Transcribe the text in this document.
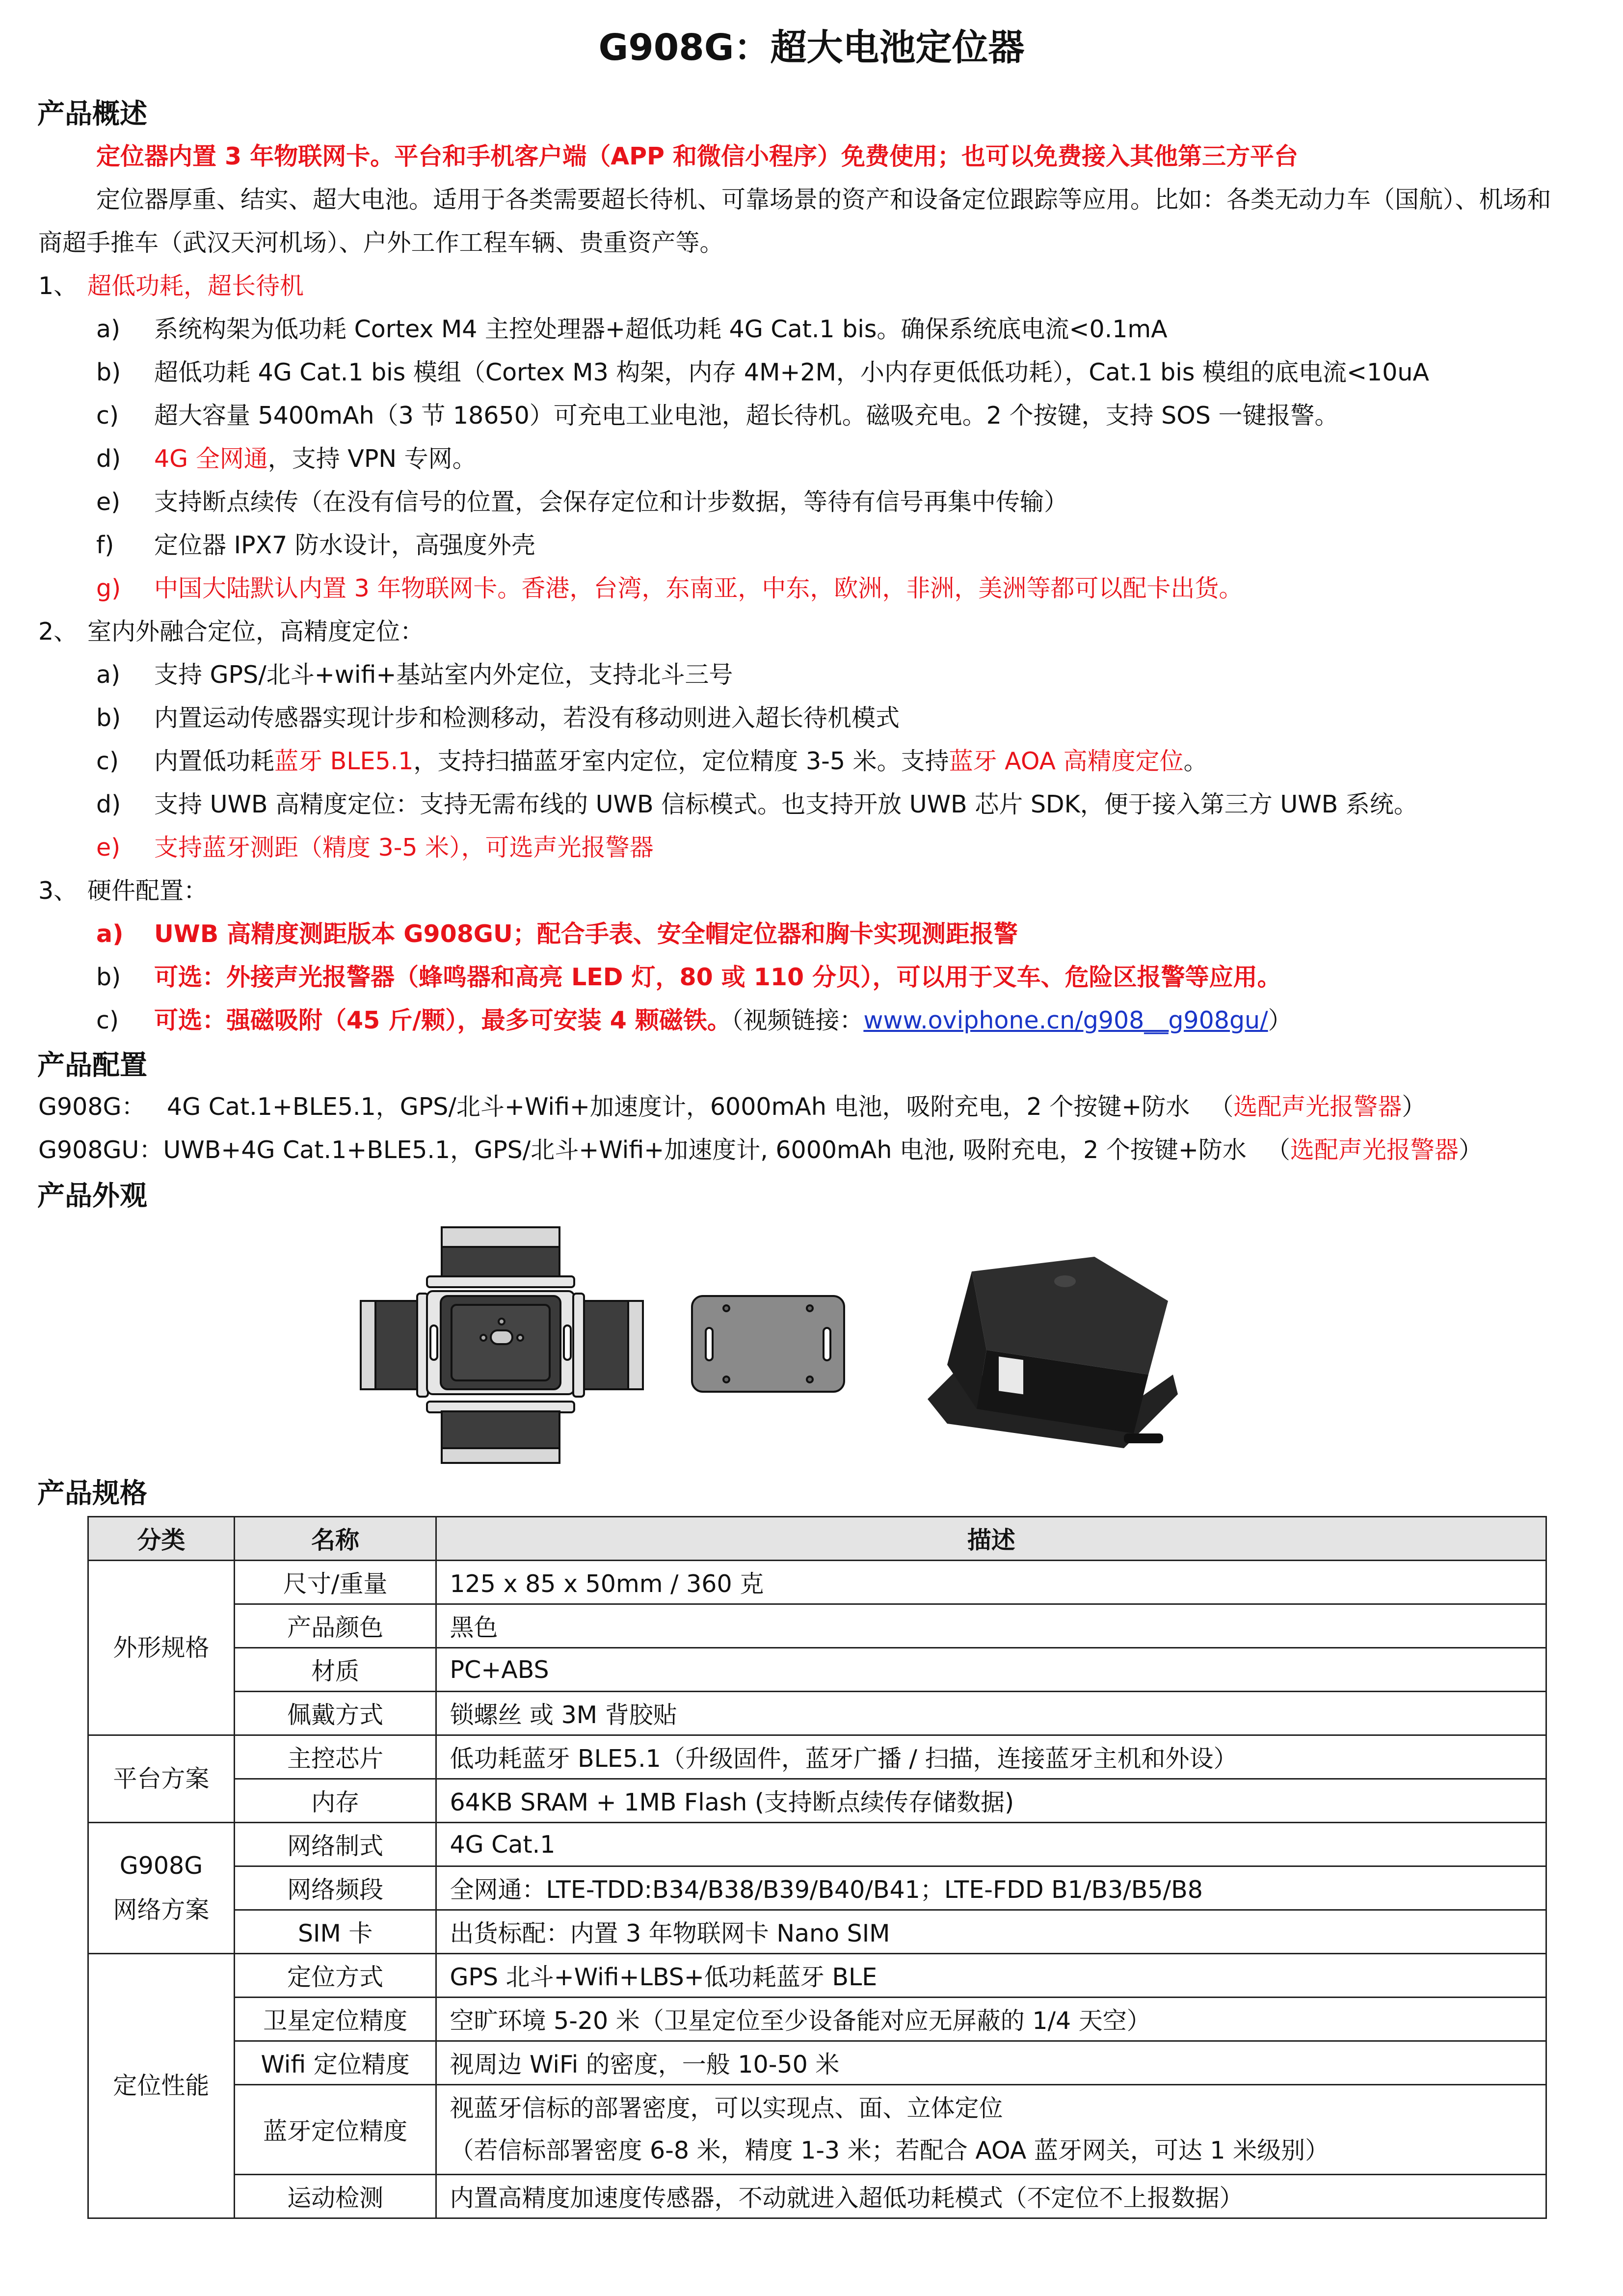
G908G：超大电池定位器
产品概述
定位器内置 3 年物联网卡。平台和手机客户端（APP 和微信小程序）免费使用；也可以免费接入其他第三方平台
定位器厚重、结实、超大电池。适用于各类需要超长待机、可靠场景的资产和设备定位跟踪等应用。比如：各类无动力车（国航）、机场和
商超手推车（武汉天河机场）、户外工作工程车辆、贵重资产等。
1、 超低功耗，超长待机
a) 系统构架为低功耗 Cortex M4 主控处理器+超低功耗 4G Cat.1 bis。确保系统底电流<0.1mA
b) 超低功耗 4G Cat.1 bis 模组（Cortex M3 构架，内存 4M+2M，小内存更低低功耗），Cat.1 bis 模组的底电流<10uA
c) 超大容量 5400mAh（3 节 18650）可充电工业电池，超长待机。磁吸充电。2 个按键，支持 SOS 一键报警。
d) 4G 全网通，支持 VPN 专网。
e) 支持断点续传（在没有信号的位置，会保存定位和计步数据，等待有信号再集中传输）
f) 定位器 IPX7 防水设计，高强度外壳
g) 中国大陆默认内置 3 年物联网卡。香港，台湾，东南亚，中东，欧洲，非洲，美洲等都可以配卡出货。
2、 室内外融合定位，高精度定位：
a) 支持 GPS/北斗+wifi+基站室内外定位，支持北斗三号
b) 内置运动传感器实现计步和检测移动，若没有移动则进入超长待机模式
c) 内置低功耗蓝牙 BLE5.1，支持扫描蓝牙室内定位，定位精度 3-5 米。支持蓝牙 AOA 高精度定位。
d) 支持 UWB 高精度定位：支持无需布线的 UWB 信标模式。也支持开放 UWB 芯片 SDK，便于接入第三方 UWB 系统。
e) 支持蓝牙测距（精度 3-5 米），可选声光报警器
3、 硬件配置：
a) UWB 高精度测距版本 G908GU；配合手表、安全帽定位器和胸卡实现测距报警
b) 可选：外接声光报警器（蜂鸣器和高亮 LED 灯，80 或 110 分贝），可以用于叉车、危险区报警等应用。
c) 可选：强磁吸附（45 斤/颗），最多可安装 4 颗磁铁。（视频链接：www.oviphone.cn/g908__g908gu/）
产品配置
G908G： 4G Cat.1+BLE5.1，GPS/北斗+Wifi+加速度计，6000mAh 电池，吸附充电，2 个按键+防水 （选配声光报警器）
G908GU：UWB+4G Cat.1+BLE5.1，GPS/北斗+Wifi+加速度计, 6000mAh 电池, 吸附充电，2 个按键+防水 （选配声光报警器）
产品外观
产品规格
分类	名称	描述
外形规格	尺寸/重量	125 x 85 x 50mm / 360 克
	产品颜色	黑色
	材质	PC+ABS
	佩戴方式	锁螺丝 或 3M 背胶贴
平台方案	主控芯片	低功耗蓝牙 BLE5.1（升级固件，蓝牙广播 / 扫描，连接蓝牙主机和外设）
	内存	64KB SRAM + 1MB Flash (支持断点续传存储数据)
G908G
网络方案	网络制式	4G Cat.1
	网络频段	全网通：LTE-TDD:B34/B38/B39/B40/B41；LTE-FDD B1/B3/B5/B8
	SIM 卡	出货标配：内置 3 年物联网卡 Nano SIM
定位性能	定位方式	GPS 北斗+Wifi+LBS+低功耗蓝牙 BLE
	卫星定位精度	空旷环境 5-20 米（卫星定位至少设备能对应无屏蔽的 1/4 天空）
	Wifi 定位精度	视周边 WiFi 的密度，一般 10-50 米
	蓝牙定位精度	视蓝牙信标的部署密度，可以实现点、面、立体定位
（若信标部署密度 6-8 米，精度 1-3 米；若配合 AOA 蓝牙网关，可达 1 米级别）
	运动检测	内置高精度加速度传感器，不动就进入超低功耗模式（不定位不上报数据）
